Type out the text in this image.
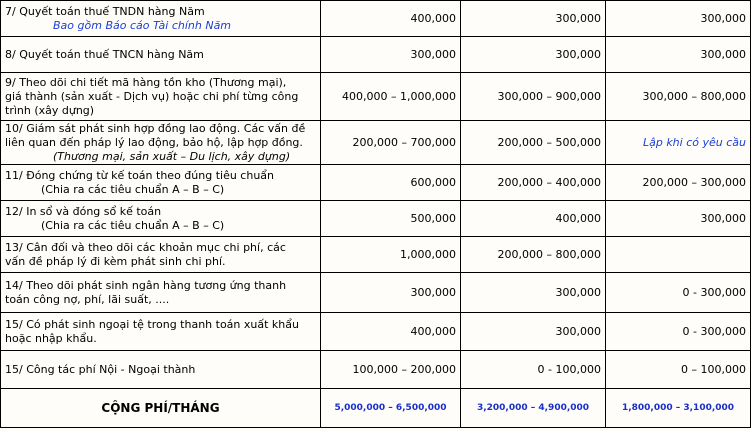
7/ Quyết toán thuế TNDN hàng Năm
Bao gồm Báo cáo Tài chính Năm	400,000	300,000	300,000

8/ Quyết toán thuế TNCN hàng Năm	300,000	300,000	300,000

9/ Theo dõi chi tiết mã hàng tồn kho (Thương mại),
giá thành (sản xuất - Dịch vụ) hoặc chi phí từng công
trình (xây dựng)	400,000 – 1,000,000	300,000 – 900,000	300,000 – 800,000

10/ Giám sát phát sinh hợp đồng lao động. Các vấn đề
liên quan đến pháp lý lao động, bảo hộ, lập hợp đồng.
(Thương mại, sản xuất – Du lịch, xây dựng)	200,000 – 700,000	200,000 – 500,000	Lập khi có yêu cầu

11/ Đóng chứng từ kế toán theo đúng tiêu chuẩn
(Chia ra các tiêu chuẩn A – B – C)	600,000	200,000 – 400,000	200,000 – 300,000

12/ In sổ và đóng sổ kế toán
(Chia ra các tiêu chuẩn A – B – C)	500,000	400,000	300,000

13/ Cân đối và theo dõi các khoản mục chi phí, các
vấn đề pháp lý đi kèm phát sinh chi phí.	1,000,000	200,000 – 800,000	

14/ Theo dõi phát sinh ngân hàng tương ứng thanh
toán công nợ, phí, lãi suất, ....	300,000	300,000	0 - 300,000

15/ Có phát sinh ngoại tệ trong thanh toán xuất khẩu
hoặc nhập khẩu.	400,000	300,000	0 - 300,000

15/ Công tác phí Nội - Ngoại thành	100,000 – 200,000	0 - 100,000	0 – 100,000
CỘNG PHÍ/THÁNG	5,000,000 – 6,500,000	3,200,000 – 4,900,000	1,800,000 – 3,100,000
